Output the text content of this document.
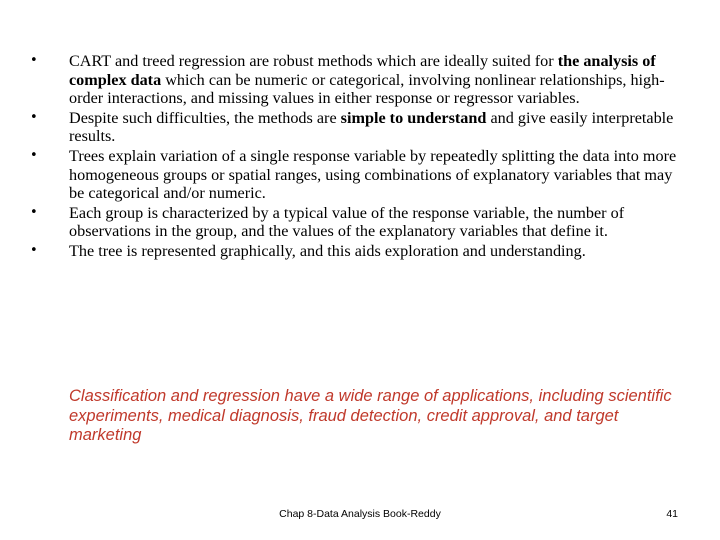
•	CART and treed regression are robust methods which are ideally suited for the analysis of complex data which can be numeric or categorical, involving nonlinear relationships, high-order interactions, and missing values in either response or regressor variables.
•	Despite such difficulties, the methods are simple to understand and give easily interpretable results.
•	Trees explain variation of a single response variable by repeatedly splitting the data into more homogeneous groups or spatial ranges, using combinations of explanatory variables that may be categorical and/or numeric.
•	Each group is characterized by a typical value of the response variable, the number of observations in the group, and the values of the explanatory variables that define it.
•	The tree is represented graphically, and this aids exploration and understanding.

Classification and regression have a wide range of applications, including scientific experiments, medical diagnosis, fraud detection, credit approval, and target marketing

Chap 8-Data Analysis Book-Reddy	41
